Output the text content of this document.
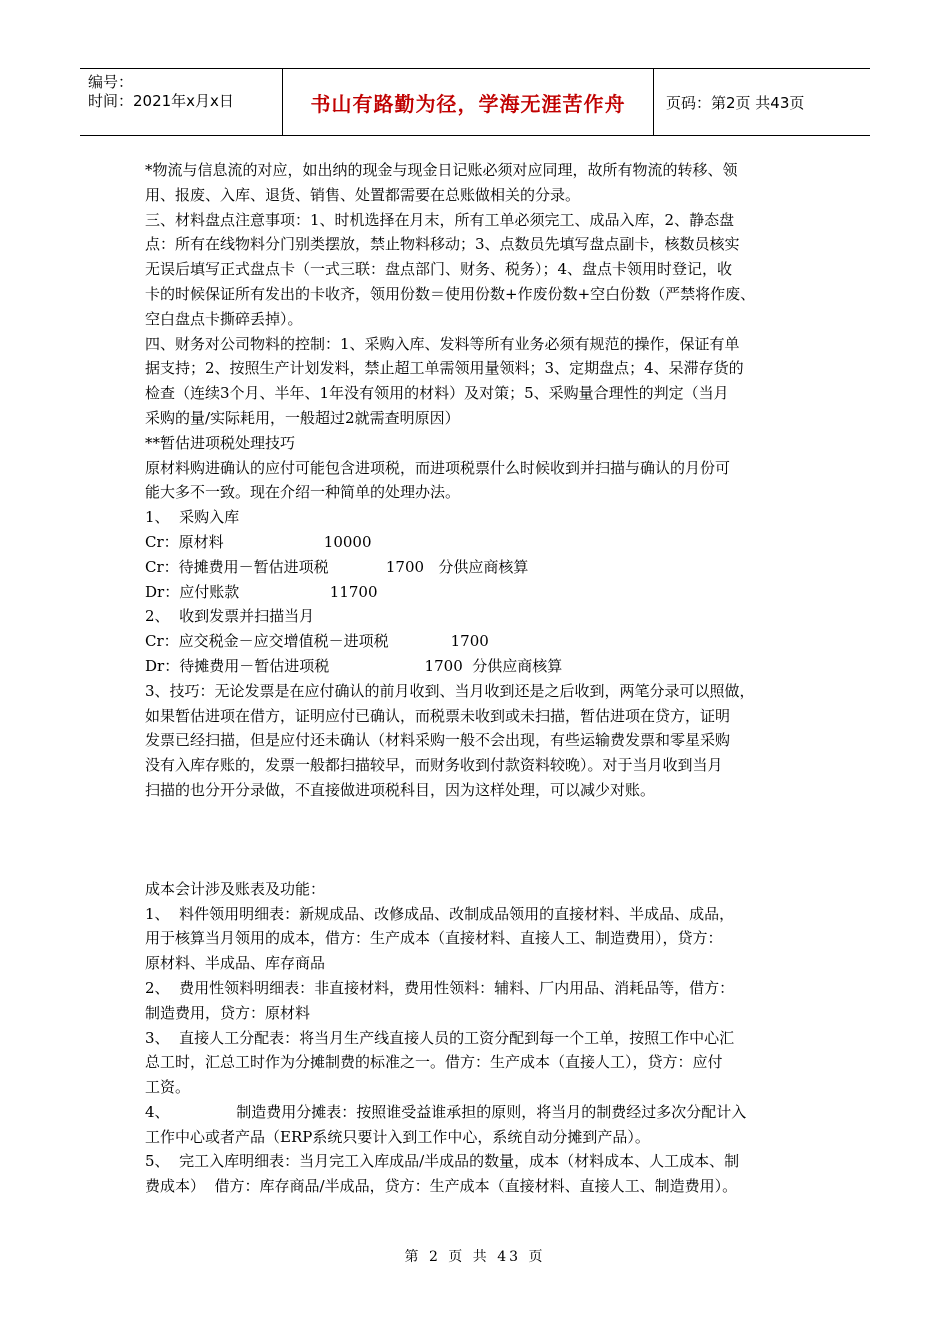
编号：
时间：2021年x月x日	书山有路勤为径，学海无涯苦作舟	页码：第2页 共43页

*物流与信息流的对应，如出纳的现金与现金日记账必须对应同理，故所有物流的转移、领

用、报废、入库、退货、销售、处置都需要在总账做相关的分录。

三、材料盘点注意事项：1、时机选择在月末，所有工单必须完工、成品入库，2、静态盘

点：所有在线物料分门别类摆放，禁止物料移动；3、点数员先填写盘点副卡，核数员核实

无误后填写正式盘点卡（一式三联：盘点部门、财务、税务）；4、盘点卡领用时登记，收

卡的时候保证所有发出的卡收齐，领用份数＝使用份数+作废份数+空白份数（严禁将作废、

空白盘点卡撕碎丢掉）。

四、财务对公司物料的控制：1、采购入库、发料等所有业务必须有规范的操作，保证有单

据支持；2、按照生产计划发料，禁止超工单需领用量领料；3、定期盘点；4、呆滞存货的

检查（连续3个月、半年、1年没有领用的材料）及对策；5、采购量合理性的判定（当月

采购的量/实际耗用，一般超过2就需查明原因）

**暂估进项税处理技巧

原材料购进确认的应付可能包含进项税，而进项税票什么时候收到并扫描与确认的月份可

能大多不一致。现在介绍一种简单的处理办法。

1、  采购入库

Cr：原材料                     10000

Cr：待摊费用－暂估进项税            1700   分供应商核算

Dr：应付账款                   11700

2、  收到发票并扫描当月

Cr：应交税金－应交增值税－进项税             1700

Dr：待摊费用－暂估进项税                    1700  分供应商核算

3、技巧：无论发票是在应付确认的前月收到、当月收到还是之后收到，两笔分录可以照做，

如果暂估进项在借方，证明应付已确认，而税票未收到或未扫描，暂估进项在贷方，证明

发票已经扫描，但是应付还未确认（材料采购一般不会出现，有些运输费发票和零星采购

没有入库存账的，发票一般都扫描较早，而财务收到付款资料较晚）。对于当月收到当月

扫描的也分开分录做，不直接做进项税科目，因为这样处理，可以减少对账。

成本会计涉及账表及功能：

1、  料件领用明细表：新规成品、改修成品、改制成品领用的直接材料、半成品、成品，

用于核算当月领用的成本，借方：生产成本（直接材料、直接人工、制造费用），贷方：

原材料、半成品、库存商品

2、  费用性领料明细表：非直接材料，费用性领料：辅料、厂内用品、消耗品等，借方：

制造费用，贷方：原材料

3、  直接人工分配表：将当月生产线直接人员的工资分配到每一个工单，按照工作中心汇

总工时，汇总工时作为分摊制费的标准之一。借方：生产成本（直接人工），贷方：应付

工资。

4、              制造费用分摊表：按照谁受益谁承担的原则，将当月的制费经过多次分配计入

工作中心或者产品（ERP系统只要计入到工作中心，系统自动分摊到产品）。

5、  完工入库明细表：当月完工入库成品/半成品的数量，成本（材料成本、人工成本、制

费成本）  借方：库存商品/半成品，贷方：生产成本（直接材料、直接人工、制造费用）。

第 2 页 共 43 页
